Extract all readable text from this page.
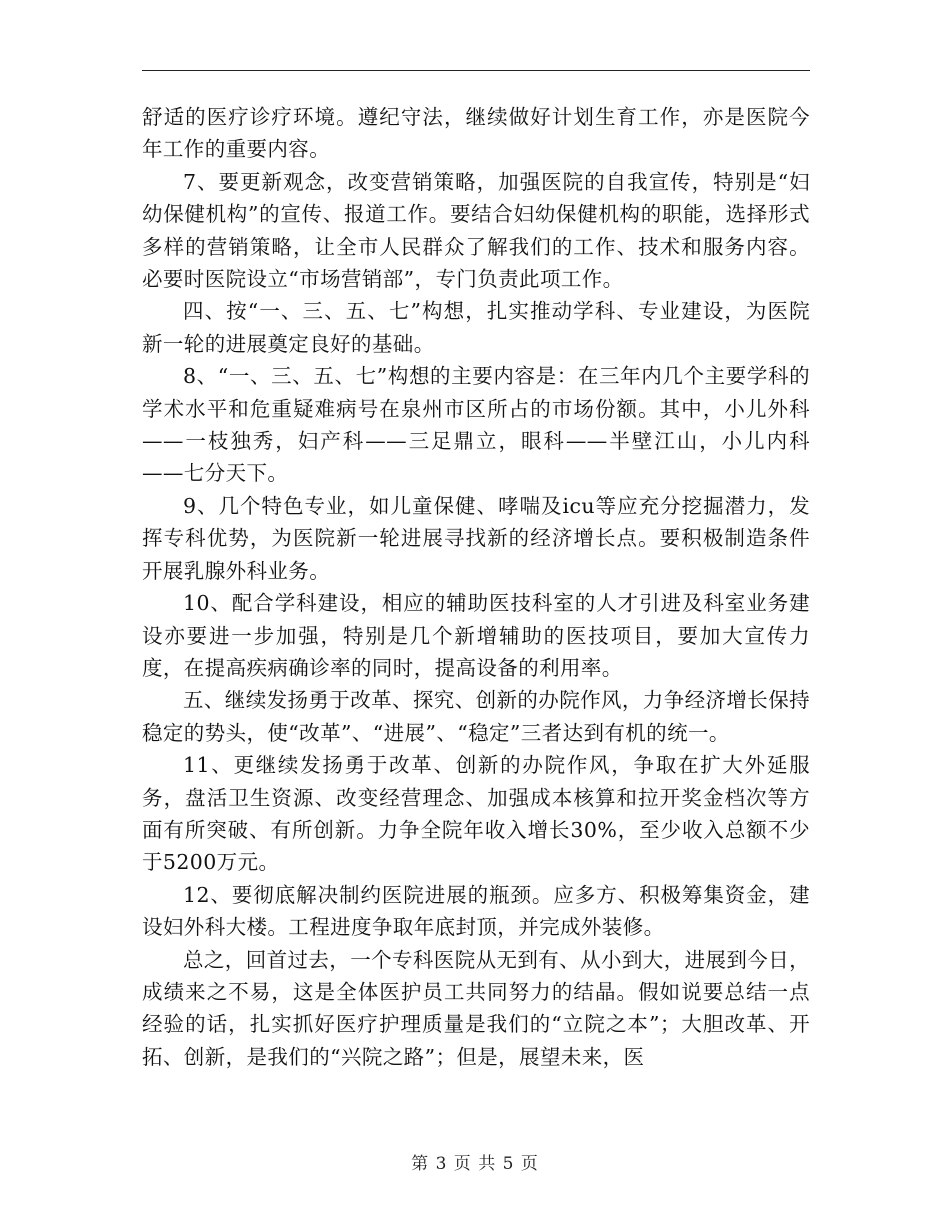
舒适的医疗诊疗环境。遵纪守法，继续做好计划生育工作，亦是医院今年工作的重要内容。

7、要更新观念，改变营销策略，加强医院的自我宣传，特别是“妇幼保健机构”的宣传、报道工作。要结合妇幼保健机构的职能，选择形式多样的营销策略，让全市人民群众了解我们的工作、技术和服务内容。必要时医院设立“市场营销部”，专门负责此项工作。

四、按“一、三、五、七”构想，扎实推动学科、专业建设，为医院新一轮的进展奠定良好的基础。

8、“一、三、五、七”构想的主要内容是：在三年内几个主要学科的学术水平和危重疑难病号在泉州市区所占的市场份额。其中，小儿外科——一枝独秀，妇产科——三足鼎立，眼科——半壁江山，小儿内科——七分天下。

9、几个特色专业，如儿童保健、哮喘及icu等应充分挖掘潜力，发挥专科优势，为医院新一轮进展寻找新的经济增长点。要积极制造条件开展乳腺外科业务。

10、配合学科建设，相应的辅助医技科室的人才引进及科室业务建设亦要进一步加强，特别是几个新增辅助的医技项目，要加大宣传力度，在提高疾病确诊率的同时，提高设备的利用率。

五、继续发扬勇于改革、探究、创新的办院作风，力争经济增长保持稳定的势头，使“改革”、“进展”、“稳定”三者达到有机的统一。

11、更继续发扬勇于改革、创新的办院作风，争取在扩大外延服务，盘活卫生资源、改变经营理念、加强成本核算和拉开奖金档次等方面有所突破、有所创新。力争全院年收入增长30%，至少收入总额不少于5200万元。

12、要彻底解决制约医院进展的瓶颈。应多方、积极筹集资金，建设妇外科大楼。工程进度争取年底封顶，并完成外装修。

总之，回首过去，一个专科医院从无到有、从小到大，进展到今日，成绩来之不易，这是全体医护员工共同努力的结晶。假如说要总结一点经验的话，扎实抓好医疗护理质量是我们的“立院之本”；大胆改革、开拓、创新，是我们的“兴院之路”；但是，展望未来，医

第 3 页 共 5 页
